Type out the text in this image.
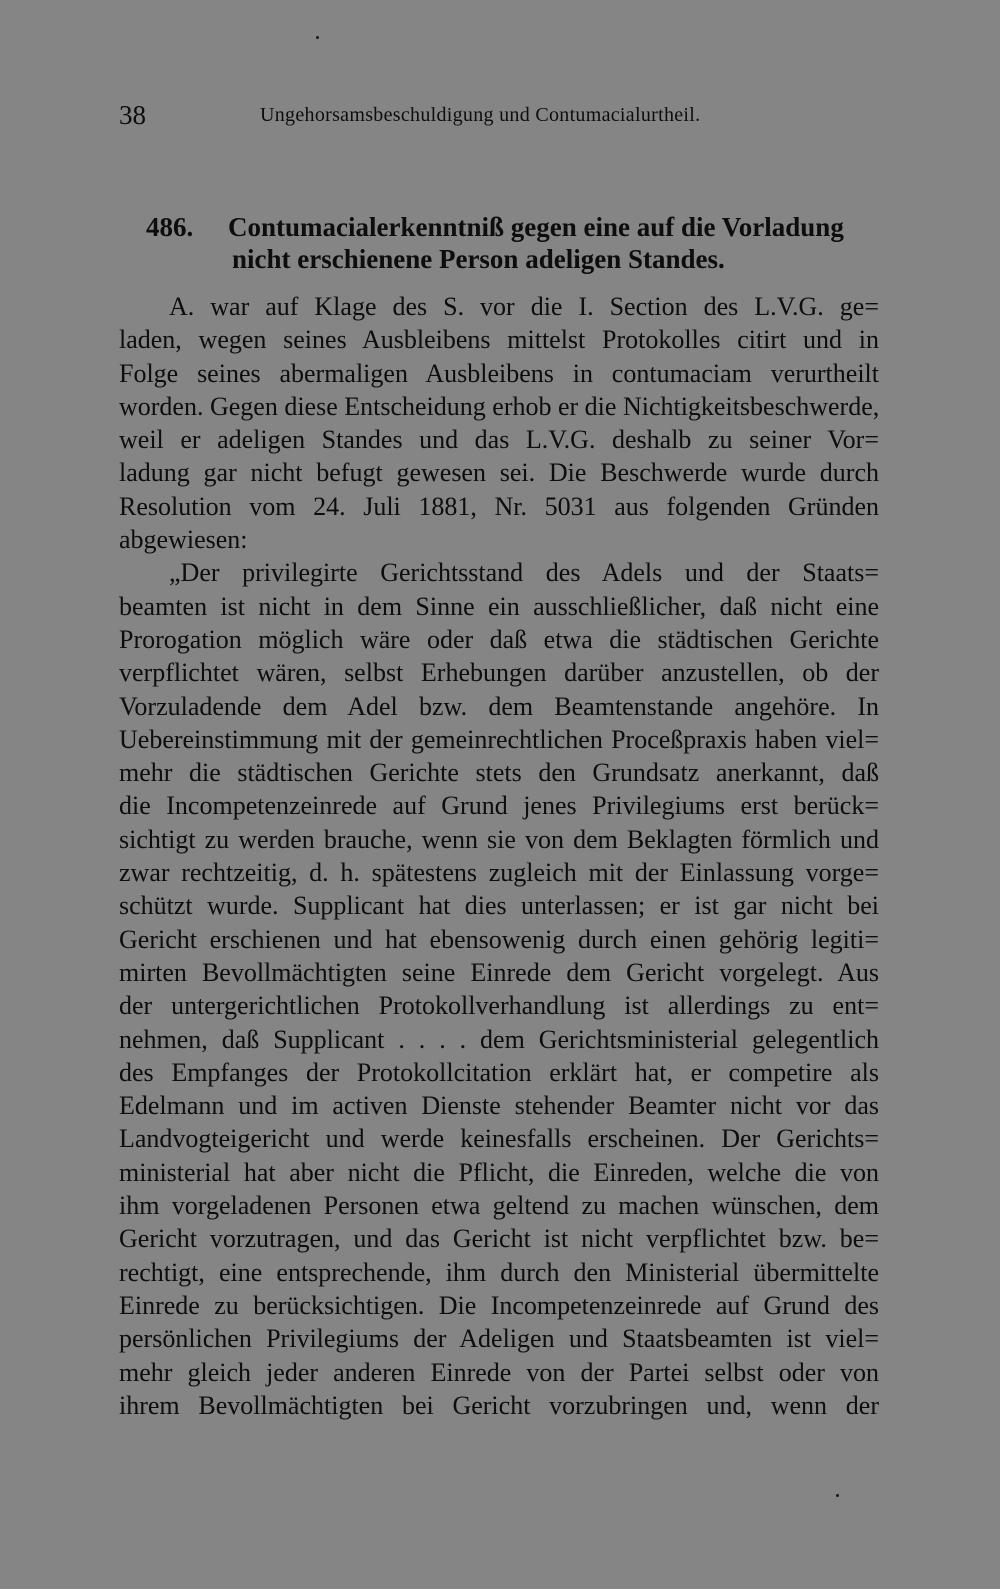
38	Ungehorsamsbeschuldigung und Contumacialurtheil.
486. Contumacialerkenntniß gegen eine auf die Vorladung
nicht erschienene Person adeligen Standes.
A. war auf Klage des S. vor die I. Section des L.V.G. ge=
laden, wegen seines Ausbleibens mittelst Protokolles citirt und in
Folge seines abermaligen Ausbleibens in contumaciam verurtheilt
worden. Gegen diese Entscheidung erhob er die Nichtigkeitsbeschwerde,
weil er adeligen Standes und das L.V.G. deshalb zu seiner Vor=
ladung gar nicht befugt gewesen sei. Die Beschwerde wurde durch
Resolution vom 24. Juli 1881, Nr. 5031 aus folgenden Gründen
abgewiesen:
„Der privilegirte Gerichtsstand des Adels und der Staats=
beamten ist nicht in dem Sinne ein ausschließlicher, daß nicht eine
Prorogation möglich wäre oder daß etwa die städtischen Gerichte
verpflichtet wären, selbst Erhebungen darüber anzustellen, ob der
Vorzuladende dem Adel bzw. dem Beamtenstande angehöre. In
Uebereinstimmung mit der gemeinrechtlichen Proceßpraxis haben viel=
mehr die städtischen Gerichte stets den Grundsatz anerkannt, daß
die Incompetenzeinrede auf Grund jenes Privilegiums erst berück=
sichtigt zu werden brauche, wenn sie von dem Beklagten förmlich und
zwar rechtzeitig, d. h. spätestens zugleich mit der Einlassung vorge=
schützt wurde. Supplicant hat dies unterlassen; er ist gar nicht bei
Gericht erschienen und hat ebensowenig durch einen gehörig legiti=
mirten Bevollmächtigten seine Einrede dem Gericht vorgelegt. Aus
der untergerichtlichen Protokollverhandlung ist allerdings zu ent=
nehmen, daß Supplicant . . . . dem Gerichtsministerial gelegentlich
des Empfanges der Protokollcitation erklärt hat, er competire als
Edelmann und im activen Dienste stehender Beamter nicht vor das
Landvogteigericht und werde keinesfalls erscheinen. Der Gerichts=
ministerial hat aber nicht die Pflicht, die Einreden, welche die von
ihm vorgeladenen Personen etwa geltend zu machen wünschen, dem
Gericht vorzutragen, und das Gericht ist nicht verpflichtet bzw. be=
rechtigt, eine entsprechende, ihm durch den Ministerial übermittelte
Einrede zu berücksichtigen. Die Incompetenzeinrede auf Grund des
persönlichen Privilegiums der Adeligen und Staatsbeamten ist viel=
mehr gleich jeder anderen Einrede von der Partei selbst oder von
ihrem Bevollmächtigten bei Gericht vorzubringen und, wenn der
